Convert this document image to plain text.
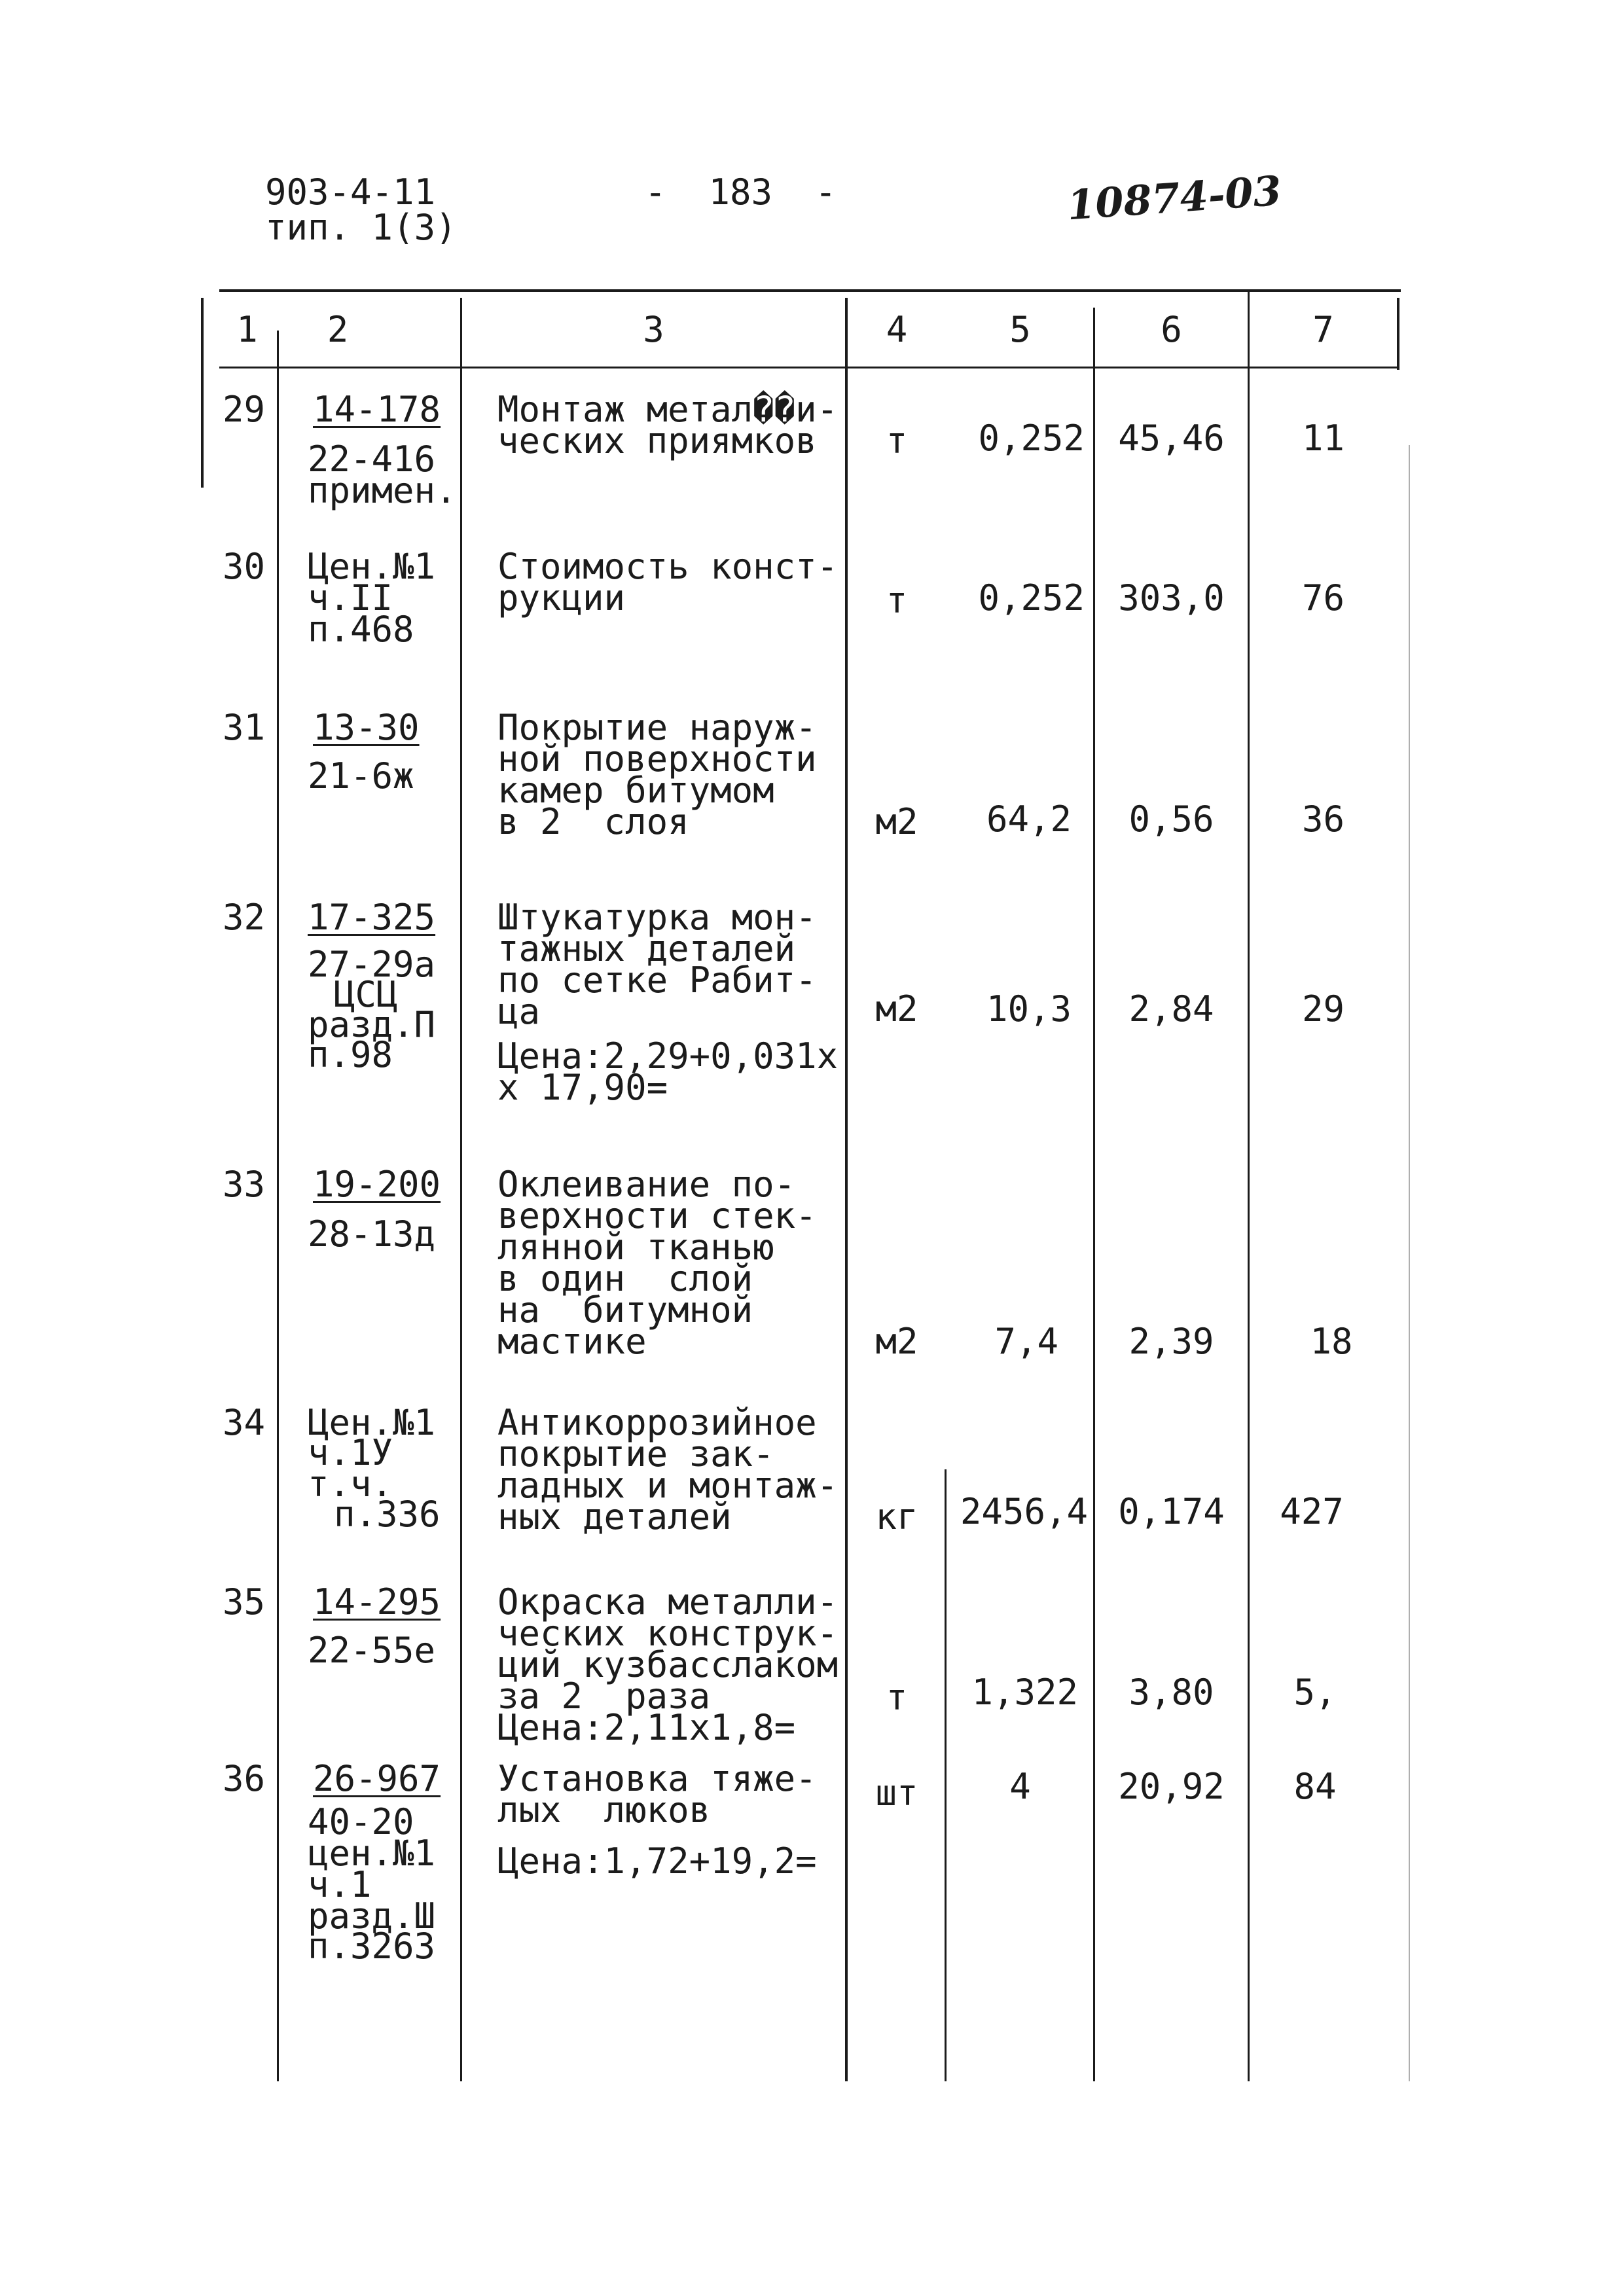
903-4-11
тип. 1(3)
-  183  -	10874-03
1	2	3	4	5	6	7
29 14-178
22-416
примен.
Монтаж метал��и-
ческих приямков	т	0,252 45,46	11
30 Цен.№1
ч.II
п.468
Стоимость конст-
рукции	т	0,252 303,0	76
31 13-30
21-6ж
Покрытие наруж-
ной поверхности
камер битумом
в 2  слоя	м2	64,2	0,56	36
32 17-325
27-29а
ЦСЦ
разд.П
п.98
Штукатурка мон-
тажных деталей
по сетке Рабит-
ца
Цена:2,29+0,031х
х 17,90=
м2	10,3	2,84	29
33 19-200
28-13д
Оклеивание по-
верхности стек-
лянной тканью
в один  слой
на  битумной
мастике	м2	7,4	2,39	18
34 Цен.№1
ч.1У
т.ч.
п.336
Антикоррозийное
покрытие зак-
ладных и монтаж-
ных деталей	кг	2456,4 0,174	427
35 14-295
22-55е
Окраска металли-
ческих конструк-
ций кузбасслаком
за 2  раза
Цена:2,11х1,8=
т	1,322	3,80	5,
36 26-967
40-20
цен.№1
ч.1
разд.Ш
п.3263
Установка тяже-
лых  люков
Цена:1,72+19,2=
шт	4	20,92	84
